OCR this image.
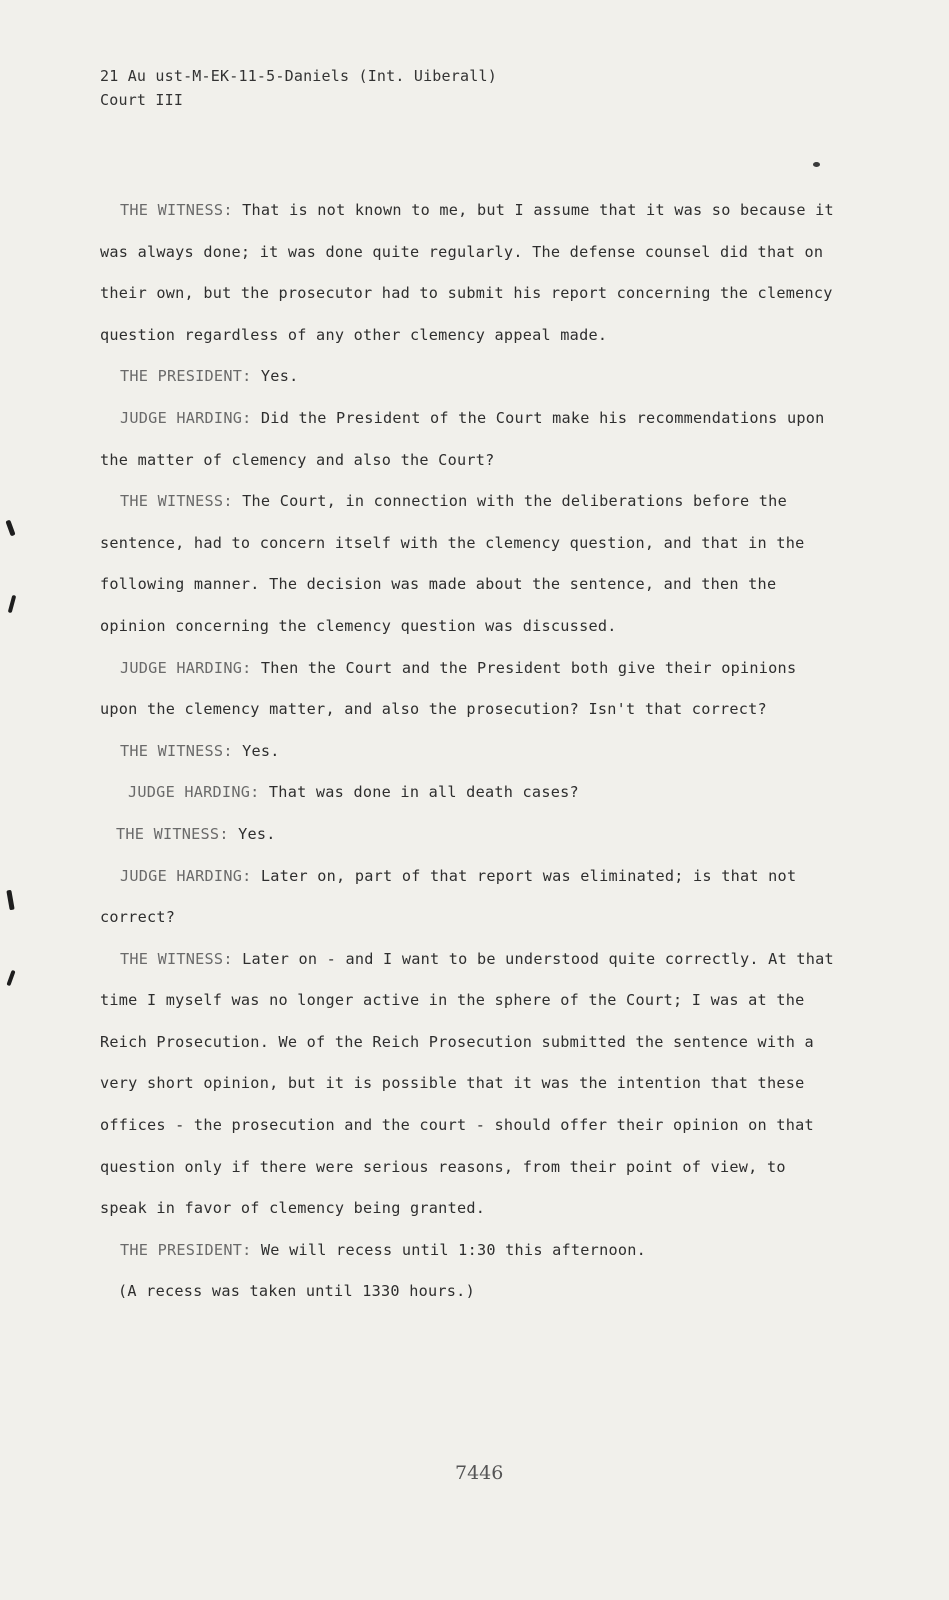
21 Au ust-M-EK-11-5-Daniels (Int. Uiberall)
Court III

THE WITNESS: That is not known to me, but I assume that it was so because it was always done; it was done quite regularly. The defense counsel did that on their own, but the prosecutor had to submit his report concerning the clemency question regardless of any other clemency appeal made.

THE PRESIDENT: Yes.

JUDGE HARDING: Did the President of the Court make his recommendations upon the matter of clemency and also the Court?

THE WITNESS: The Court, in connection with the deliberations before the sentence, had to concern itself with the clemency question, and that in the following manner. The decision was made about the sentence, and then the opinion concerning the clemency question was discussed.

JUDGE HARDING: Then the Court and the President both give their opinions upon the clemency matter, and also the prosecution? Isn't that correct?

THE WITNESS: Yes.

JUDGE HARDING: That was done in all death cases?

THE WITNESS: Yes.

JUDGE HARDING: Later on, part of that report was eliminated; is that not correct?

THE WITNESS: Later on - and I want to be understood quite correctly. At that time I myself was no longer active in the sphere of the Court; I was at the Reich Prosecution. We of the Reich Prosecution submitted the sentence with a very short opinion, but it is possible that it was the intention that these offices - the prosecution and the court - should offer their opinion on that question only if there were serious reasons, from their point of view, to speak in favor of clemency being granted.

THE PRESIDENT: We will recess until 1:30 this afternoon.

(A recess was taken until 1330 hours.)

7446
